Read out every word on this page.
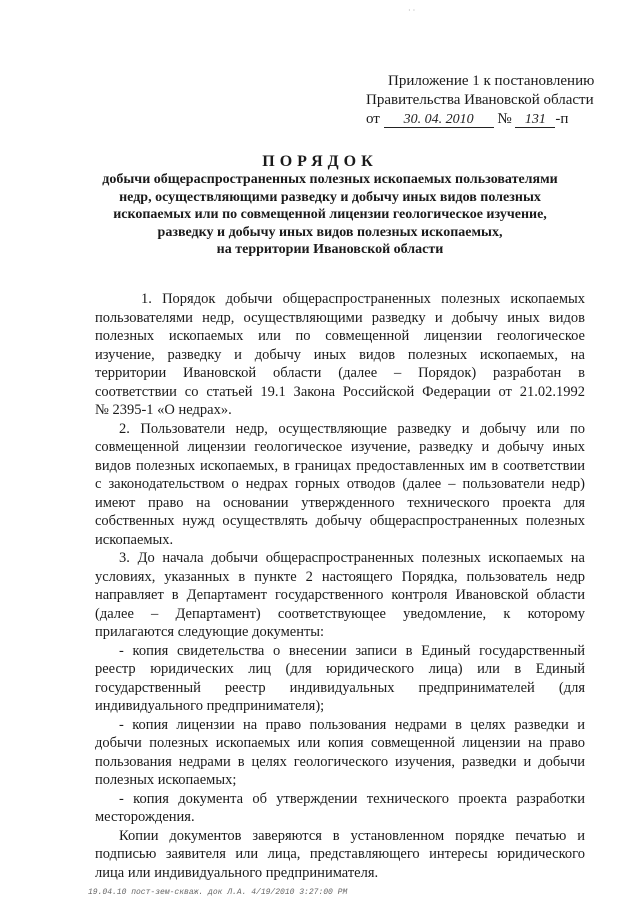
· ·
Приложение 1 к постановлению
Правительства Ивановской области
от 30. 04. 2010 № 131 -п
ПОРЯДОК
добычи общераспространенных полезных ископаемых пользователями
недр, осуществляющими разведку и добычу иных видов полезных
ископаемых или по совмещенной лицензии геологическое изучение,
разведку и добычу иных видов полезных ископаемых,
на территории Ивановской области
1. Порядок добычи общераспространенных полезных ископаемых
пользователями недр, осуществляющими разведку и добычу иных видов
полезных ископаемых или по совмещенной лицензии геологическое
изучение, разведку и добычу иных видов полезных ископаемых, на
территории Ивановской области (далее – Порядок) разработан в
соответствии со статьей 19.1 Закона Российской Федерации от 21.02.1992
№ 2395-1 «О недрах».
2. Пользователи недр, осуществляющие разведку и добычу или по
совмещенной лицензии геологическое изучение, разведку и добычу иных
видов полезных ископаемых, в границах предоставленных им в соответствии
с законодательством о недрах горных отводов (далее – пользователи недр)
имеют право на основании утвержденного технического проекта для
собственных нужд осуществлять добычу общераспространенных полезных
ископаемых.
3. До начала добычи общераспространенных полезных ископаемых на
условиях, указанных в пункте 2 настоящего Порядка, пользователь недр
направляет в Департамент государственного контроля Ивановской области
(далее – Департамент) соответствующее уведомление, к которому
прилагаются следующие документы:
- копия свидетельства о внесении записи в Единый государственный
реестр юридических лиц (для юридического лица) или в Единый
государственный реестр индивидуальных предпринимателей (для
индивидуального предпринимателя);
- копия лицензии на право пользования недрами в целях разведки и
добычи полезных ископаемых или копия совмещенной лицензии на право
пользования недрами в целях геологического изучения, разведки и добычи
полезных ископаемых;
- копия документа об утверждении технического проекта разработки
месторождения.
Копии документов заверяются в установленном порядке печатью и
подписью заявителя или лица, представляющего интересы юридического
лица или индивидуального предпринимателя.
19.04.10 пост-зем-скваж. док Л.А. 4/19/2010 3:27:00 PM
